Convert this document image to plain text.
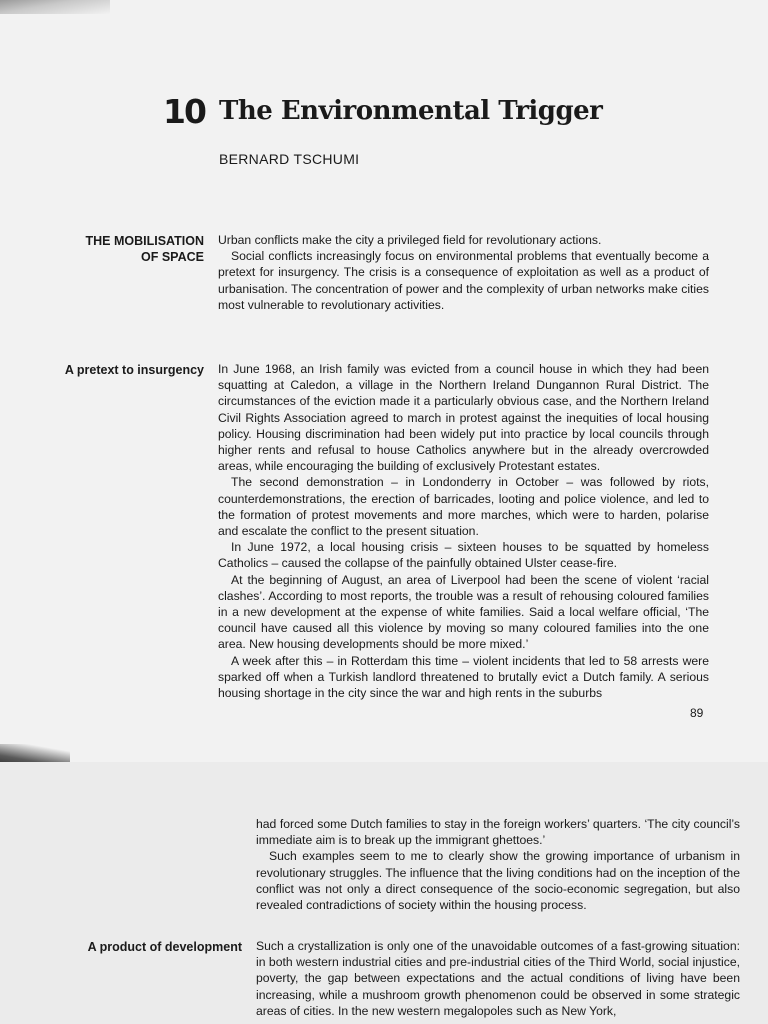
10 The Environmental Trigger
BERNARD TSCHUMI
THE MOBILISATION
OF SPACE

Urban conflicts make the city a privileged field for revolutionary actions.

Social conflicts increasingly focus on environmental problems that eventually become a pretext for insurgency. The crisis is a consequence of exploitation as well as a product of urbanisation. The concentration of power and the complexity of urban networks make cities most vulnerable to revolutionary activities.

A pretext to insurgency In June 1968, an Irish family was evicted from a council house in which they had been squatting at Caledon, a village in the Northern Ireland Dungannon Rural District. The circumstances of the eviction made it a particularly obvious case, and the Northern Ireland Civil Rights Association agreed to march in protest against the inequities of local housing policy. Housing discrimination had been widely put into practice by local councils through higher rents and refusal to house Catholics anywhere but in the already overcrowded areas, while encouraging the building of exclusively Protestant estates.

The second demonstration – in Londonderry in October – was followed by riots, counterdemonstrations, the erection of barricades, looting and police violence, and led to the formation of protest movements and more marches, which were to harden, polarise and escalate the conflict to the present situation.

In June 1972, a local housing crisis – sixteen houses to be squatted by homeless Catholics – caused the collapse of the painfully obtained Ulster cease-fire.

At the beginning of August, an area of Liverpool had been the scene of violent ‘racial clashes’. According to most reports, the trouble was a result of rehousing coloured families in a new development at the expense of white families. Said a local welfare official, ‘The council have caused all this violence by moving so many coloured families into the one area. New housing developments should be more mixed.’

A week after this – in Rotterdam this time – violent incidents that led to 58 arrests were sparked off when a Turkish landlord threatened to brutally evict a Dutch family. A serious housing shortage in the city since the war and high rents in the suburbs

89

had forced some Dutch families to stay in the foreign workers’ quarters. ‘The city council’s immediate aim is to break up the immigrant ghettoes.’

Such examples seem to me to clearly show the growing importance of urbanism in revolutionary struggles. The influence that the living conditions had on the inception of the conflict was not only a direct consequence of the socio-economic segregation, but also revealed contradictions of society within the housing process.

A product of development Such a crystallization is only one of the unavoidable outcomes of a fast-growing situation: in both western industrial cities and pre-industrial cities of the Third World, social injustice, poverty, the gap between expectations and the actual conditions of living have been increasing, while a mushroom growth phenomenon could be observed in some strategic areas of cities. In the new western megalopoles such as New York,
